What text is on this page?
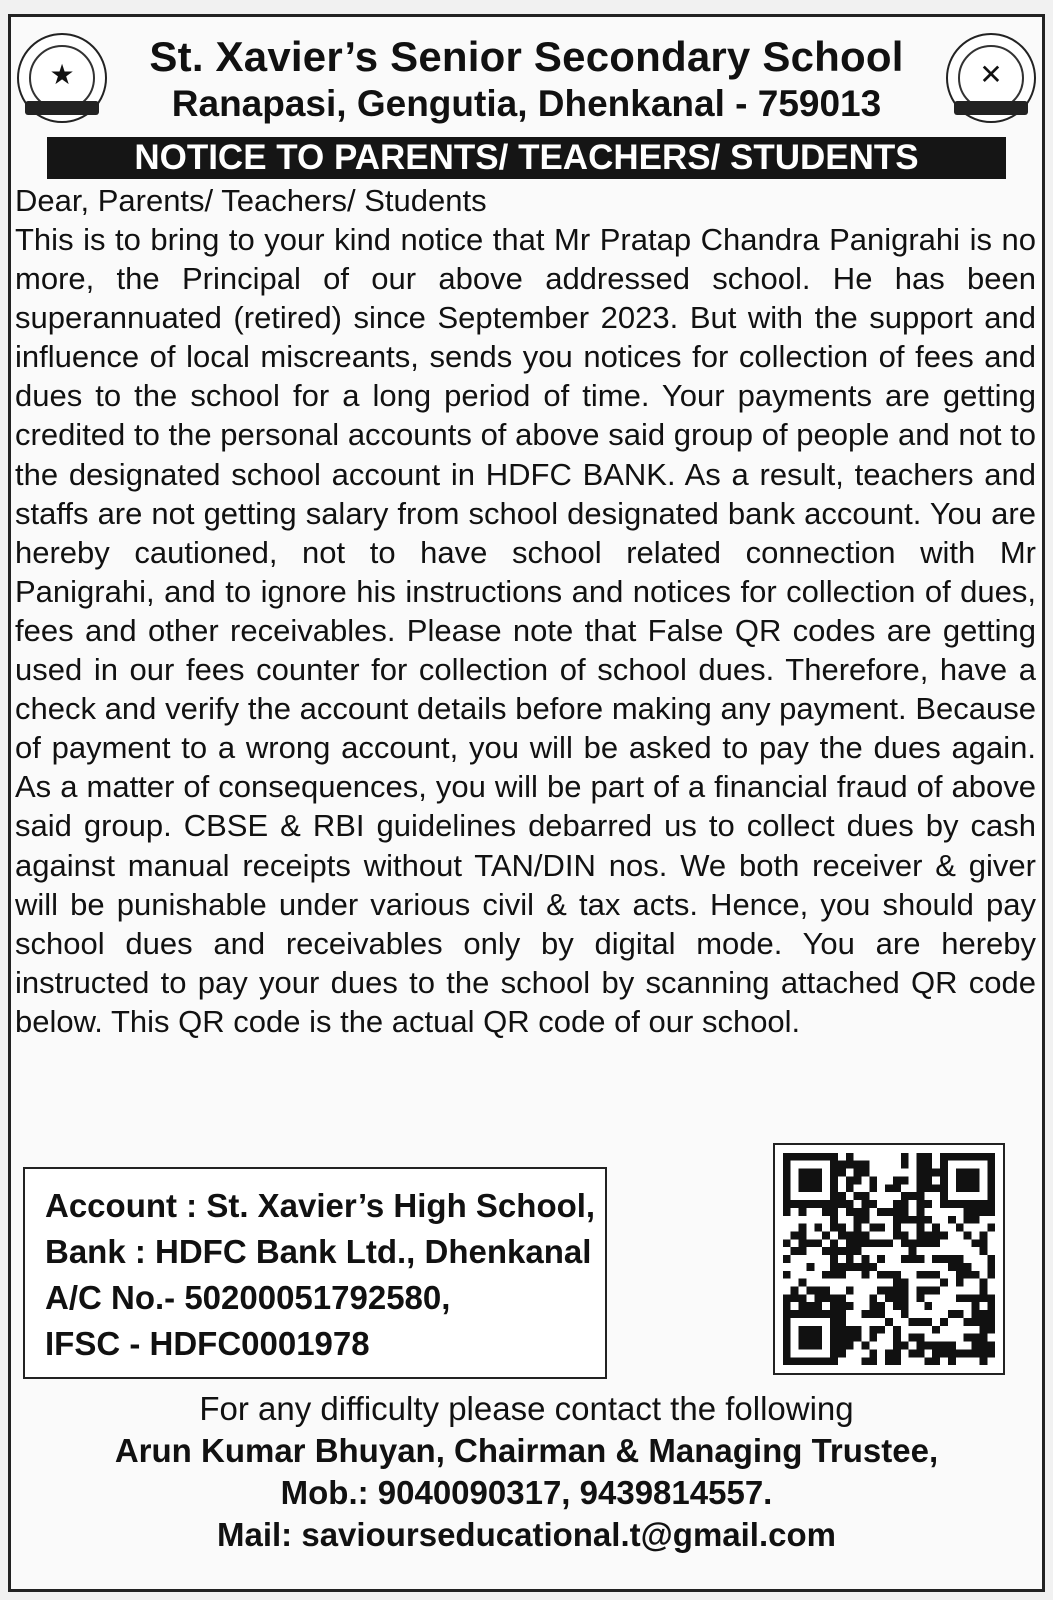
★	St. Xavier’s Senior Secondary School
Ranapasi, Gengutia, Dhenkanal - 759013
✕
NOTICE TO PARENTS/ TEACHERS/ STUDENTS
Dear, Parents/ Teachers/ Students
This is to bring to your kind notice that Mr Pratap Chandra Panigrahi is no more, the Principal of our above addressed school. He has been superannuated (retired) since September 2023. But with the support and influence of local miscreants, sends you notices for collection of fees and dues to the school for a long period of time. Your payments are getting credited to the personal accounts of above said group of people and not to the designated school account in HDFC BANK. As a result, teachers and staffs are not getting salary from school designated bank account. You are hereby cautioned, not to have school related connection with Mr Panigrahi, and to ignore his instructions and notices for collection of dues, fees and other receivables. Please note that False QR codes are getting used in our fees counter for collection of school dues. Therefore, have a check and verify the account details before making any payment. Because of payment to a wrong account, you will be asked to pay the dues again. As a matter of consequences, you will be part of a financial fraud of above said group. CBSE & RBI guidelines debarred us to collect dues by cash against manual receipts without TAN/DIN nos. We both receiver & giver will be punishable under various civil & tax acts. Hence, you should pay school dues and receivables only by digital mode. You are hereby instructed to pay your dues to the school by scanning attached QR code below. This QR code is the actual QR code of our school.
Account : St. Xavier’s High School,
Bank : HDFC Bank Ltd., Dhenkanal
A/C No.- 50200051792580,
IFSC - HDFC0001978
For any difficulty please contact the following
Arun Kumar Bhuyan, Chairman & Managing Trustee,
Mob.: 9040090317, 9439814557.
Mail: saviourseducational.t@gmail.com
